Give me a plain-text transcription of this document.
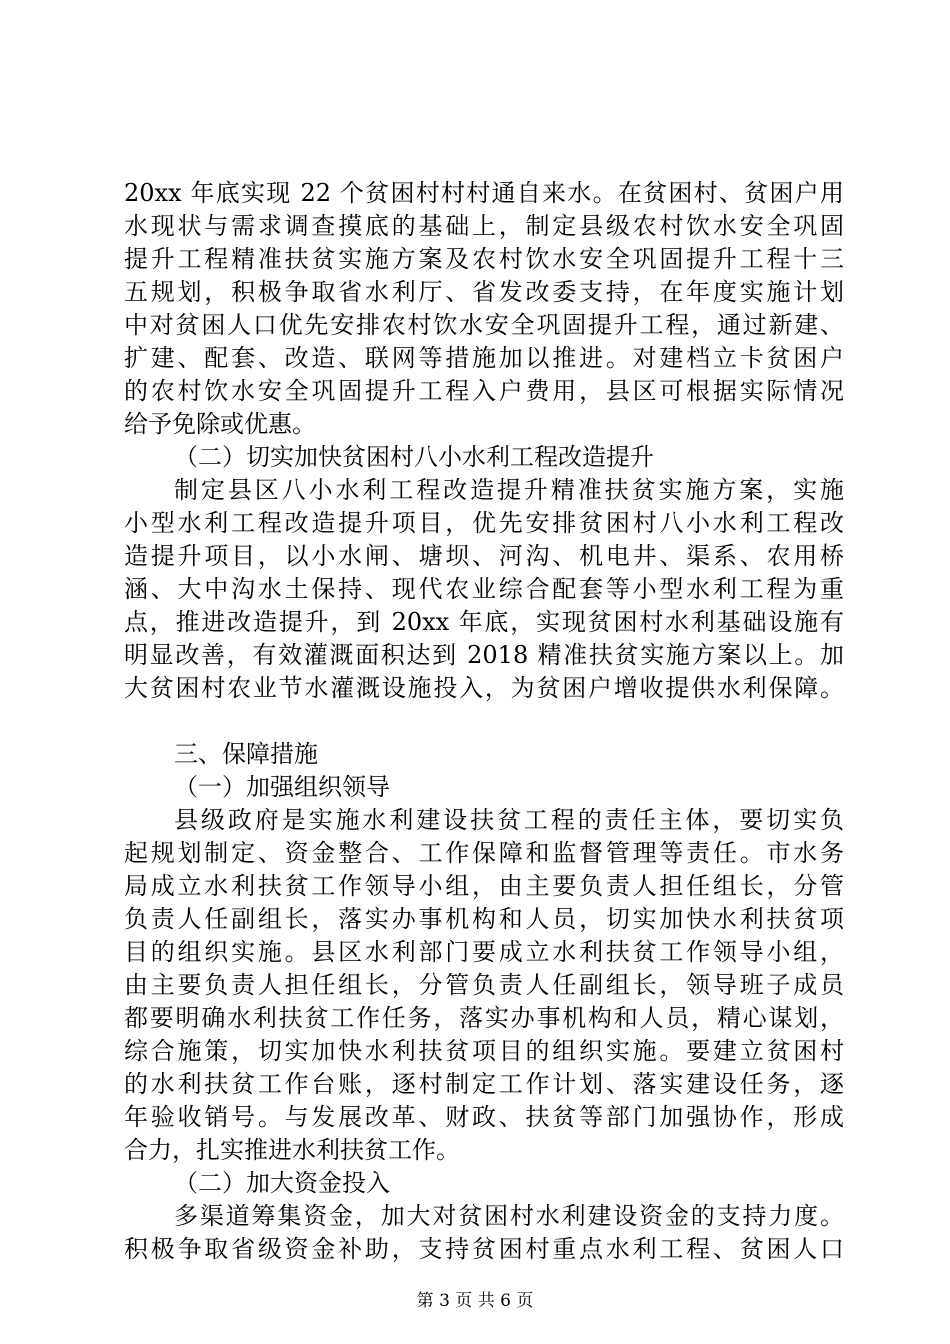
20xx 年底实现 22 个贫困村村村通自来水。在贫困村、贫困户用
水现状与需求调查摸底的基础上，制定县级农村饮水安全巩固
提升工程精准扶贫实施方案及农村饮水安全巩固提升工程十三
五规划，积极争取省水利厅、省发改委支持，在年度实施计划
中对贫困人口优先安排农村饮水安全巩固提升工程，通过新建、
扩建、配套、改造、联网等措施加以推进。对建档立卡贫困户
的农村饮水安全巩固提升工程入户费用，县区可根据实际情况
给予免除或优惠。
（二）切实加快贫困村八小水利工程改造提升
制定县区八小水利工程改造提升精准扶贫实施方案，实施
小型水利工程改造提升项目，优先安排贫困村八小水利工程改
造提升项目，以小水闸、塘坝、河沟、机电井、渠系、农用桥
涵、大中沟水土保持、现代农业综合配套等小型水利工程为重
点，推进改造提升，到 20xx 年底，实现贫困村水利基础设施有
明显改善，有效灌溉面积达到 2018 精准扶贫实施方案以上。加
大贫困村农业节水灌溉设施投入，为贫困户增收提供水利保障。
三、保障措施
（一）加强组织领导
县级政府是实施水利建设扶贫工程的责任主体，要切实负
起规划制定、资金整合、工作保障和监督管理等责任。市水务
局成立水利扶贫工作领导小组，由主要负责人担任组长，分管
负责人任副组长，落实办事机构和人员，切实加快水利扶贫项
目的组织实施。县区水利部门要成立水利扶贫工作领导小组，
由主要负责人担任组长，分管负责人任副组长，领导班子成员
都要明确水利扶贫工作任务，落实办事机构和人员，精心谋划，
综合施策，切实加快水利扶贫项目的组织实施。要建立贫困村
的水利扶贫工作台账，逐村制定工作计划、落实建设任务，逐
年验收销号。与发展改革、财政、扶贫等部门加强协作，形成
合力，扎实推进水利扶贫工作。
（二）加大资金投入
多渠道筹集资金，加大对贫困村水利建设资金的支持力度。
积极争取省级资金补助，支持贫困村重点水利工程、贫困人口
第 3 页 共 6 页
